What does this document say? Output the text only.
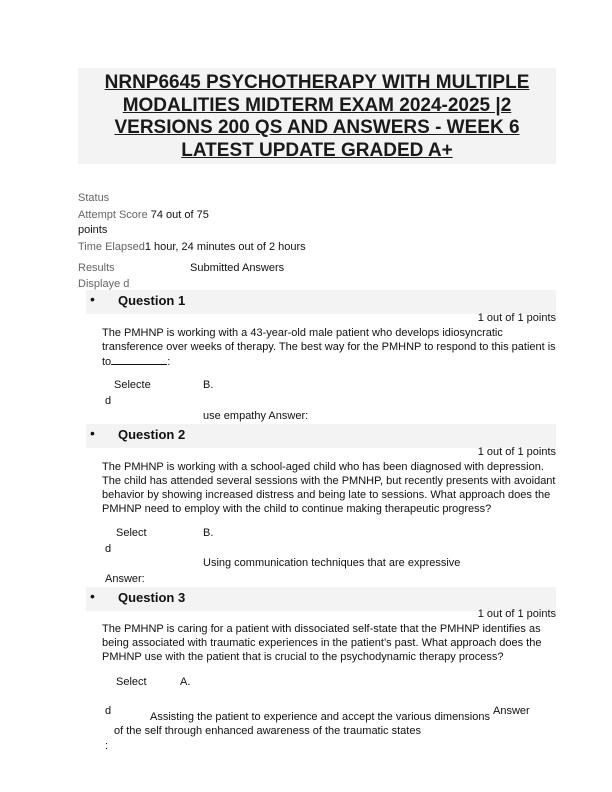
NRNP6645 PSYCHOTHERAPY WITH MULTIPLE MODALITIES MIDTERM EXAM 2024-2025 |2 VERSIONS 200 QS AND ANSWERS - WEEK 6 LATEST UPDATE GRADED A+
Status
Attempt Score 74 out of 75
points
Time Elapsed1 hour, 24 minutes out of 2 hours
Results	Submitted Answers
Displaye d
• Question 1
1 out of 1 points
The PMHNP is working with a 43-year-old male patient who develops idiosyncratic transference over weeks of therapy. The best way for the PMHNP to respond to this patient is to	:
Selecte
d
B.
use empathy Answer:
• Question 2
1 out of 1 points
The PMHNP is working with a school-aged child who has been diagnosed with depression. The child has attended several sessions with the PMNHP, but recently presents with avoidant behavior by showing increased distress and being late to sessions. What approach does the PMHNP need to employ with the child to continue making therapeutic progress?
Select
d
B.
Using communication techniques that are expressive
Answer:
• Question 3
1 out of 1 points
The PMHNP is caring for a patient with dissociated self-state that the PMHNP identifies as being associated with traumatic experiences in the patient’s past. What approach does the PMHNP use with the patient that is crucial to the psychodynamic therapy process?
Select	A.
d	Assisting the patient to experience and accept the various dimensions Answer
of the self through enhanced awareness of the traumatic states
:
